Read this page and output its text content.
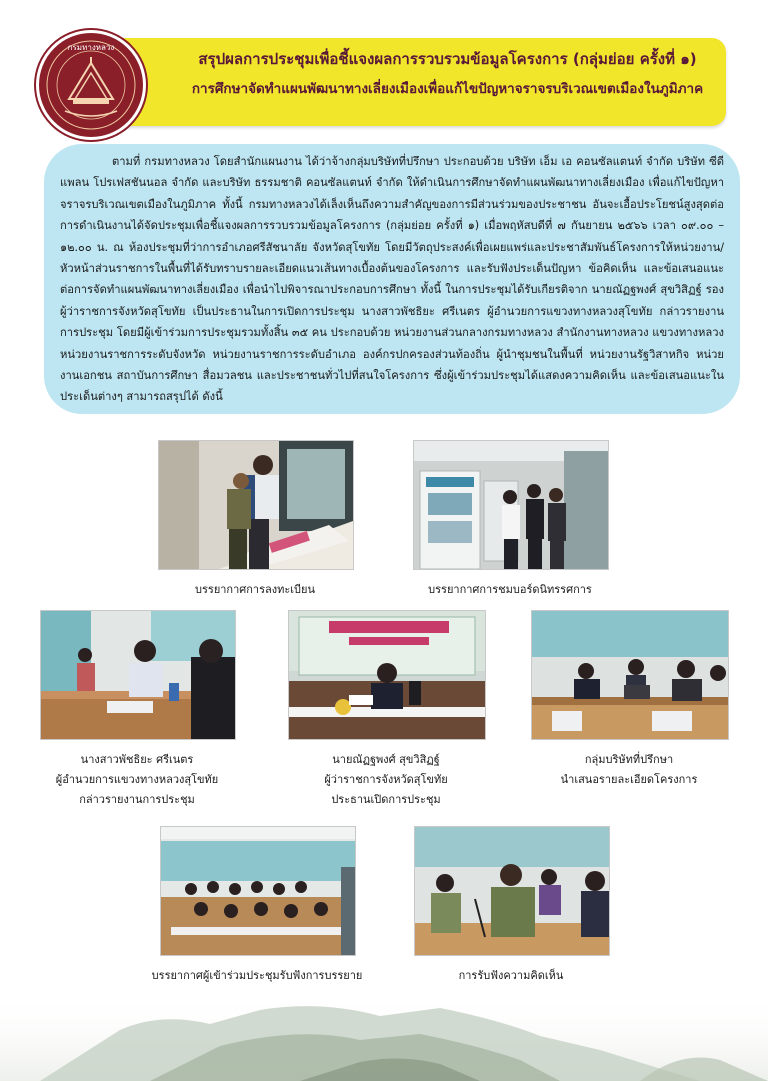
สรุปผลการประชุมเพื่อชี้แจงผลการรวบรวมข้อมูลโครงการ (กลุ่มย่อย ครั้งที่ ๑)
การศึกษาจัดทำแผนพัฒนาทางเลี่ยงเมืองเพื่อแก้ไขปัญหาจราจรบริเวณเขตเมืองในภูมิภาค
กรมทางหลวง

ตามที่ กรมทางหลวง โดยสำนักแผนงาน ได้ว่าจ้างกลุ่มบริษัทที่ปรึกษา ประกอบด้วย บริษัท เอ็ม เอ คอนซัลแตนท์ จำกัด บริษัท ซีดี แพลน โปรเฟสชันนอล จำกัด และบริษัท ธรรมชาติ คอนซัลแตนท์ จำกัด ให้ดำเนินการศึกษาจัดทำแผนพัฒนาทางเลี่ยงเมือง เพื่อแก้ไขปัญหาจราจรบริเวณเขตเมืองในภูมิภาค ทั้งนี้ กรมทางหลวงได้เล็งเห็นถึงความสำคัญของการมีส่วนร่วมของประชาชน อันจะเอื้อประโยชน์สูงสุดต่อการดำเนินงานได้จัดประชุมเพื่อชี้แจงผลการรวบรวมข้อมูลโครงการ (กลุ่มย่อย ครั้งที่ ๑) เมื่อพฤหัสบดีที่ ๗ กันยายน ๒๕๖๖ เวลา ๐๙.๐๐ – ๑๒.๐๐ น. ณ ห้องประชุมที่ว่าการอำเภอศรีสัชนาลัย จังหวัดสุโขทัย โดยมีวัตถุประสงค์เพื่อเผยแพร่และประชาสัมพันธ์โครงการให้หน่วยงาน/หัวหน้าส่วนราชการในพื้นที่ได้รับทราบรายละเอียดแนวเส้นทางเบื้องต้นของโครงการ และรับฟังประเด็นปัญหา ข้อคิดเห็น และข้อเสนอแนะต่อการจัดทำแผนพัฒนาทางเลี่ยงเมือง เพื่อนำไปพิจารณาประกอบการศึกษา ทั้งนี้ ในการประชุมได้รับเกียรติจาก นายณัฏฐพงศ์ สุขวิสิฏฐ์ รองผู้ว่าราชการจังหวัดสุโขทัย เป็นประธานในการเปิดการประชุม นางสาวพัชธิยะ ศรีเนตร ผู้อำนวยการแขวงทางหลวงสุโขทัย กล่าวรายงานการประชุม โดยมีผู้เข้าร่วมการประชุมรวมทั้งสิ้น ๓๕ คน ประกอบด้วย หน่วยงานส่วนกลางกรมทางหลวง สำนักงานทางหลวง แขวงทางหลวง หน่วยงานราชการระดับจังหวัด หน่วยงานราชการระดับอำเภอ องค์กรปกครองส่วนท้องถิ่น ผู้นำชุมชนในพื้นที่ หน่วยงานรัฐวิสาหกิจ หน่วยงานเอกชน สถาบันการศึกษา สื่อมวลชน และประชาชนทั่วไปที่สนใจโครงการ ซึ่งผู้เข้าร่วมประชุมได้แสดงความคิดเห็น และข้อเสนอแนะในประเด็นต่างๆ สามารถสรุปได้ ดังนี้

บรรยากาศการลงทะเบียน	บรรยากาศการชมบอร์ดนิทรรศการ
นางสาวพัชธิยะ ศรีเนตร
ผู้อำนวยการแขวงทางหลวงสุโขทัย
กล่าวรายงานการประชุม
นายณัฏฐพงศ์ สุขวิสิฏฐ์
ผู้ว่าราชการจังหวัดสุโขทัย
ประธานเปิดการประชุม
กลุ่มบริษัทที่ปรึกษา
นำเสนอรายละเอียดโครงการ
บรรยากาศผู้เข้าร่วมประชุมรับฟังการบรรยาย	การรับฟังความคิดเห็น
